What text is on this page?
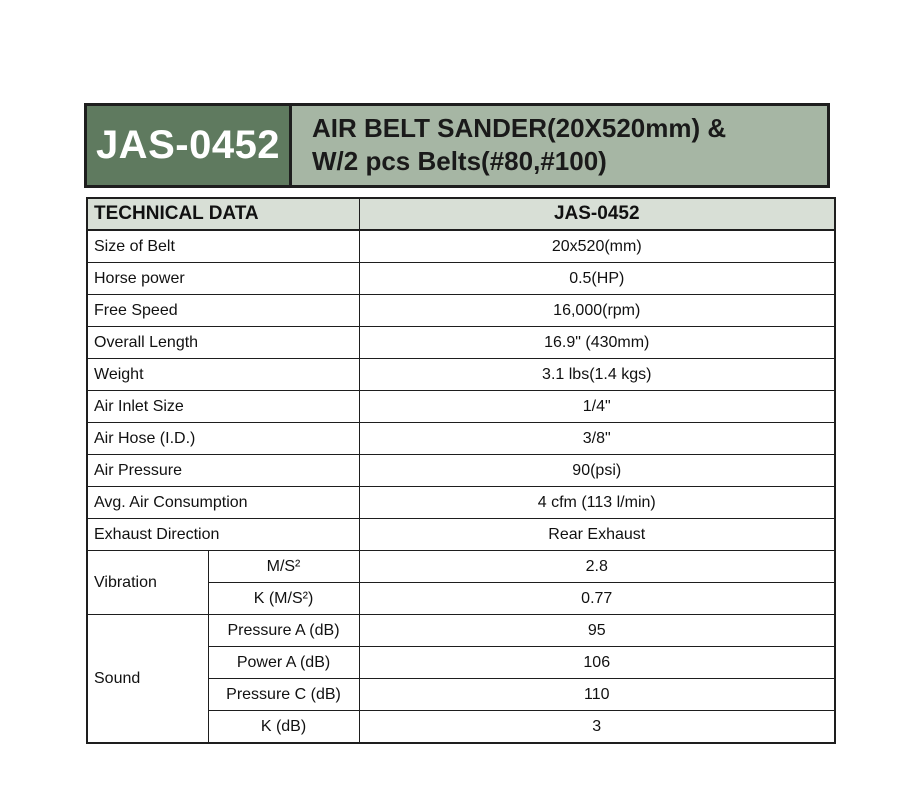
JAS-0452	AIR BELT SANDER(20X520mm) &
W/2 pcs Belts(#80,#100)
TECHNICAL DATA		JAS-0452
Size of Belt		20x520(mm)
Horse power		0.5(HP)
Free Speed		16,000(rpm)
Overall Length		16.9" (430mm)
Weight		3.1 lbs(1.4 kgs)
Air Inlet Size		1/4"
Air Hose (I.D.)		3/8"
Air Pressure		90(psi)
Avg. Air Consumption		4 cfm (113 l/min)
Exhaust Direction		Rear Exhaust
Vibration	M/S²	2.8
	K (M/S²)	0.77
Sound	Pressure A (dB)	95
	Power A (dB)	106
	Pressure C (dB)	110
	K (dB)	3
